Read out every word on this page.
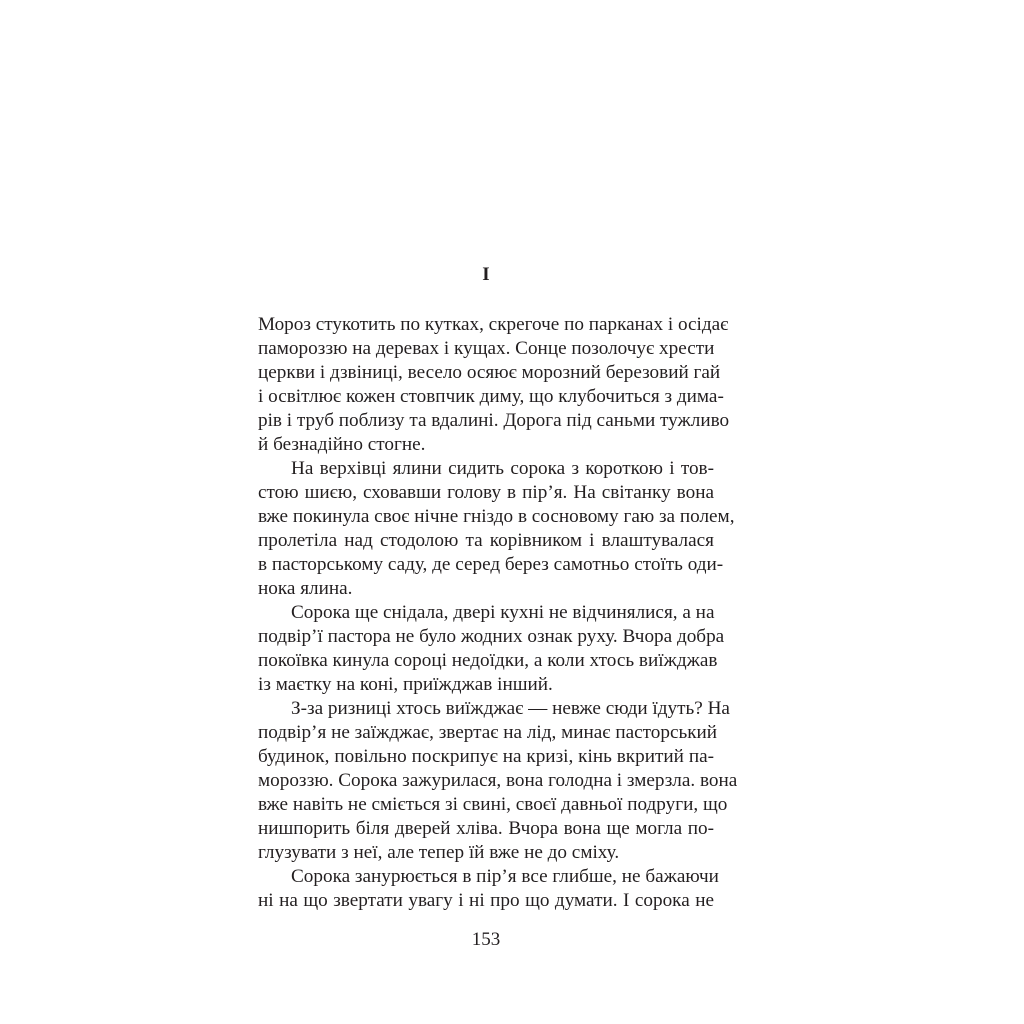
I
Мороз стукотить по кутках, скрегоче по парканах і осідає
памороззю на деревах і кущах. Сонце позолочує хрести
церкви і дзвіниці, весело осяює морозний березовий гай
і освітлює кожен стовпчик диму, що клубочиться з дима-
рів і труб поблизу та вдалині. Дорога під саньми тужливо
й безнадійно стогне.
На верхівці ялини сидить сорока з короткою і тов-
стою шиєю, сховавши голову в пір’я. На світанку вона
вже покинула своє нічне гніздо в сосновому гаю за полем,
пролетіла над стодолою та корівником і влаштувалася
в пасторському саду, де серед берез самотньо стоїть оди-
нока ялина.
Сорока ще снідала, двері кухні не відчинялися, а на
подвір’ї пастора не було жодних ознак руху. Вчора добра
покоївка кинула сороці недоїдки, а коли хтось виїжджав
із маєтку на коні, приїжджав інший.
З-за ризниці хтось виїжджає — невже сюди їдуть? На
подвір’я не заїжджає, звертає на лід, минає пасторський
будинок, повільно поскрипує на кризі, кінь вкритий па-
мороззю. Сорока зажурилася, вона голодна і змерзла. вона
вже навіть не сміється зі свині, своєї давньої подруги, що
нишпорить біля дверей хліва. Вчора вона ще могла по-
глузувати з неї, але тепер їй вже не до сміху.
Сорока занурюється в пір’я все глибше, не бажаючи
ні на що звертати увагу і ні про що думати. І сорока не
153
